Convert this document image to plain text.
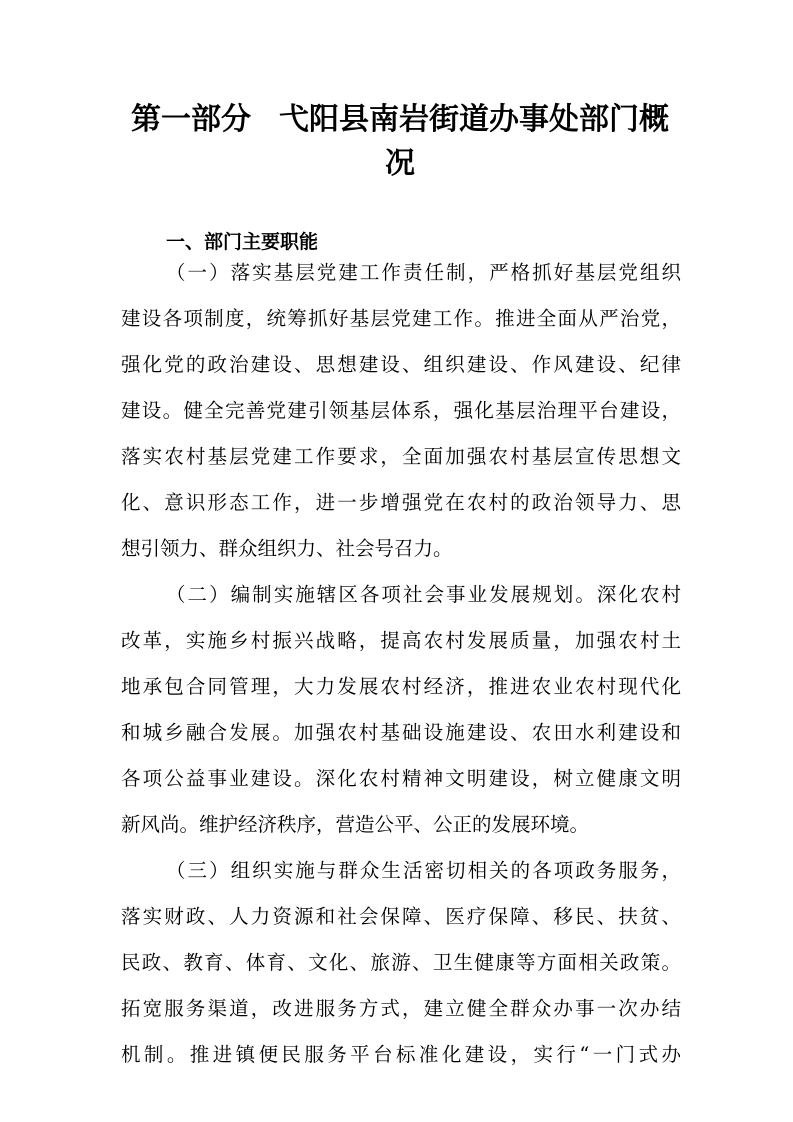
第一部分 弋阳县南岩街道办事处部门概
况
一、部门主要职能

（一）落实基层党建工作责任制，严格抓好基层党组织

建设各项制度，统筹抓好基层党建工作。推进全面从严治党，

强化党的政治建设、思想建设、组织建设、作风建设、纪律

建设。健全完善党建引领基层体系，强化基层治理平台建设，

落实农村基层党建工作要求，全面加强农村基层宣传思想文

化、意识形态工作，进一步增强党在农村的政治领导力、思

想引领力、群众组织力、社会号召力。

（二）编制实施辖区各项社会事业发展规划。深化农村

改革，实施乡村振兴战略，提高农村发展质量，加强农村土

地承包合同管理，大力发展农村经济，推进农业农村现代化

和城乡融合发展。加强农村基础设施建设、农田水利建设和

各项公益事业建设。深化农村精神文明建设，树立健康文明

新风尚。维护经济秩序，营造公平、公正的发展环境。

（三）组织实施与群众生活密切相关的各项政务服务，

落实财政、人力资源和社会保障、医疗保障、移民、扶贫、

民政、教育、体育、文化、旅游、卫生健康等方面相关政策。

拓宽服务渠道，改进服务方式，建立健全群众办事一次办结

机制。推进镇便民服务平台标准化建设，实行“一门式办
